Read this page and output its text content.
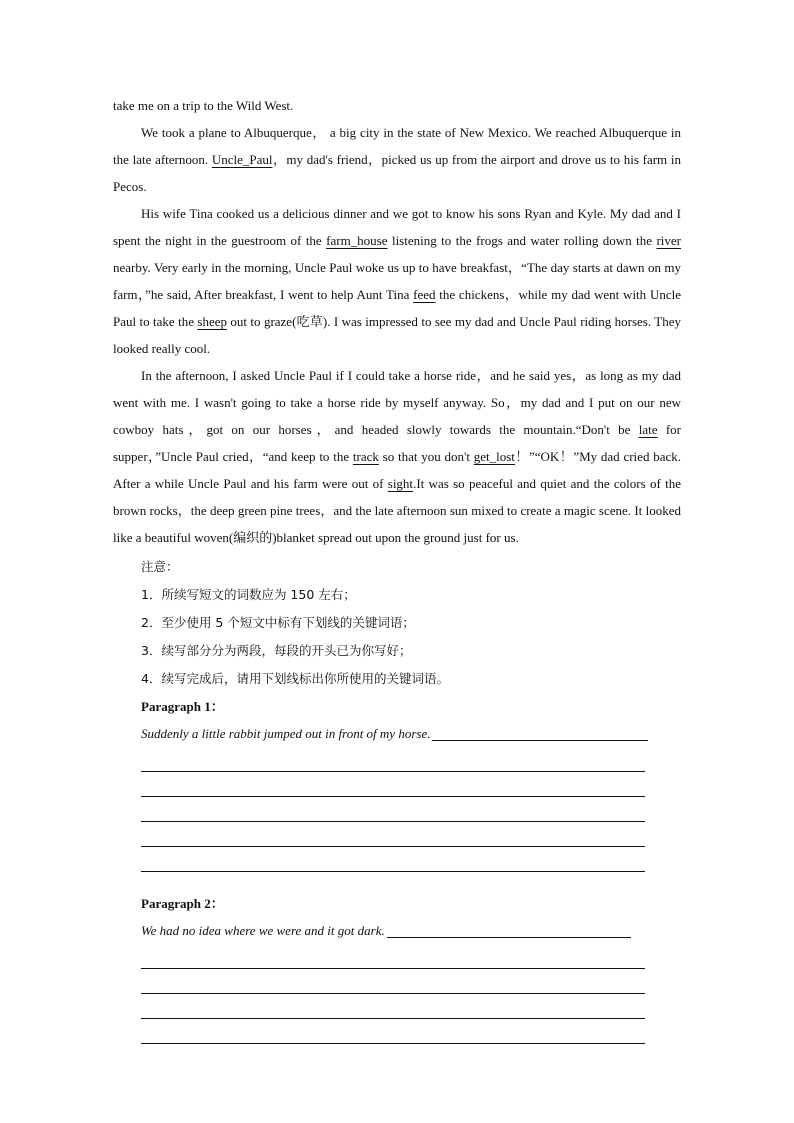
take me on a trip to the Wild West.

We took a plane to Albuquerque， a big city in the state of New Mexico. We reached Albuquerque in the late afternoon. Uncle_Paul，my dad's friend，picked us up from the airport and drove us to his farm in Pecos.

His wife Tina cooked us a delicious dinner and we got to know his sons Ryan and Kyle. My dad and I spent the night in the guestroom of the farm_house listening to the frogs and water rolling down the river nearby. Very early in the morning, Uncle Paul woke us up to have breakfast，“The day starts at dawn on my farm，”he said, After breakfast, I went to help Aunt Tina feed the chickens，while my dad went with Uncle Paul to take the sheep out to graze(吃草). I was impressed to see my dad and Uncle Paul riding horses. They looked really cool.

In the afternoon, I asked Uncle Paul if I could take a horse ride，and he said yes，as long as my dad went with me. I wasn't going to take a horse ride by myself anyway. So，my dad and I put on our new cowboy hats，got on our horses，and headed slowly towards the mountain.“Don't be late for supper，”Uncle Paul cried，“and keep to the track so that you don't get_lost！”“OK！”My dad cried back. After a while Uncle Paul and his farm were out of sight.It was so peaceful and quiet and the colors of the brown rocks，the deep green pine trees，and the late afternoon sun mixed to create a magic scene. It looked like a beautiful woven(编织的)blanket spread out upon the ground just for us.

注意：

1．所续写短文的词数应为 150 左右；

2．至少使用 5 个短文中标有下划线的关键词语；

3．续写部分分为两段，每段的开头已为你写好；

4．续写完成后，请用下划线标出你所使用的关键词语。

Paragraph 1：

Suddenly a little rabbit jumped out in front of my horse.

Paragraph 2：

We had no idea where we were and it got dark.
